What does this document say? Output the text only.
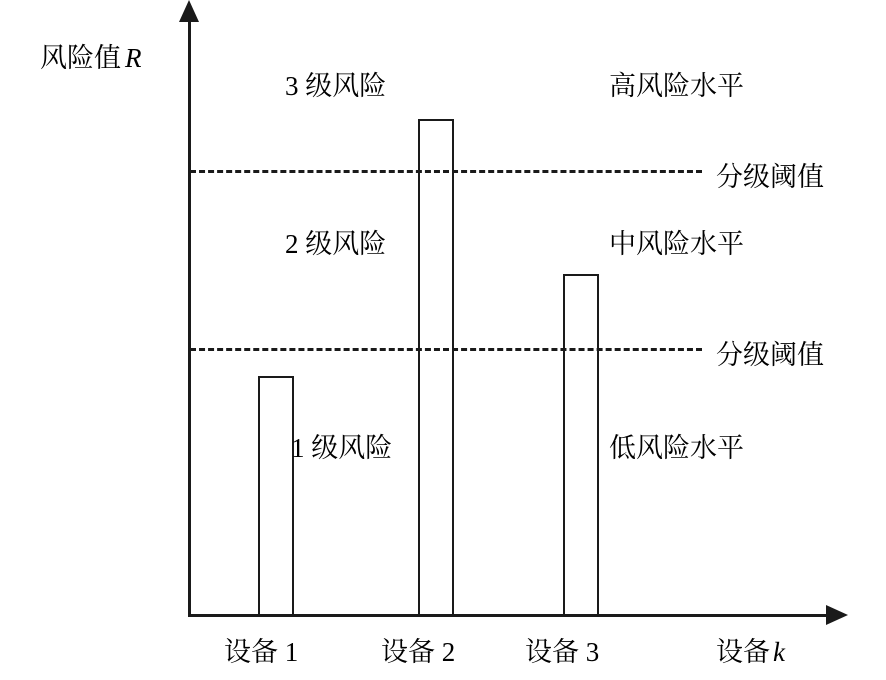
风险值 R
分级阈值
分级阈值
3 级风险	高风险水平
2 级风险	中风险水平
1 级风险	低风险水平
设备 1	设备 2	设备 3	设备 k
